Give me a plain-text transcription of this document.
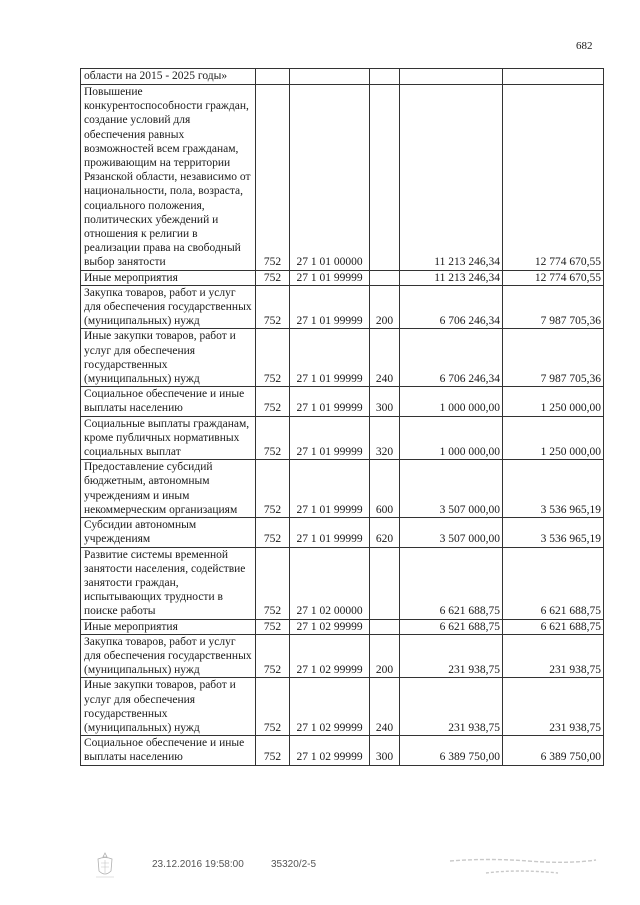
682
области на 2015 - 2025 годы»					
Повышение конкурентоспособности граждан, создание условий для обеспечения равных возможностей всем гражданам, проживающим на территории Рязанской области, независимо от национальности, пола, возраста, социального положения, политических убеждений и отношения к религии в реализации права на свободный выбор занятости	752	27 1 01 00000		11 213 246,34	12 774 670,55
Иные мероприятия	752	27 1 01 99999		11 213 246,34	12 774 670,55
Закупка товаров, работ и услуг для обеспечения государственных (муниципальных) нужд	752	27 1 01 99999	200	6 706 246,34	7 987 705,36
Иные закупки товаров, работ и услуг для обеспечения государственных (муниципальных) нужд	752	27 1 01 99999	240	6 706 246,34	7 987 705,36
Социальное обеспечение и иные выплаты населению	752	27 1 01 99999	300	1 000 000,00	1 250 000,00
Социальные выплаты гражданам, кроме публичных нормативных социальных выплат	752	27 1 01 99999	320	1 000 000,00	1 250 000,00
Предоставление субсидий бюджетным, автономным учреждениям и иным некоммерческим организациям	752	27 1 01 99999	600	3 507 000,00	3 536 965,19
Субсидии автономным учреждениям	752	27 1 01 99999	620	3 507 000,00	3 536 965,19
Развитие системы временной занятости населения, содействие занятости граждан, испытывающих трудности в поиске работы	752	27 1 02 00000		6 621 688,75	6 621 688,75
Иные мероприятия	752	27 1 02 99999		6 621 688,75	6 621 688,75
Закупка товаров, работ и услуг для обеспечения государственных (муниципальных) нужд	752	27 1 02 99999	200	231 938,75	231 938,75
Иные закупки товаров, работ и услуг для обеспечения государственных (муниципальных) нужд	752	27 1 02 99999	240	231 938,75	231 938,75
Социальное обеспечение и иные выплаты населению	752	27 1 02 99999	300	6 389 750,00	6 389 750,00
23.12.2016 19:58:00	35320/2-5
